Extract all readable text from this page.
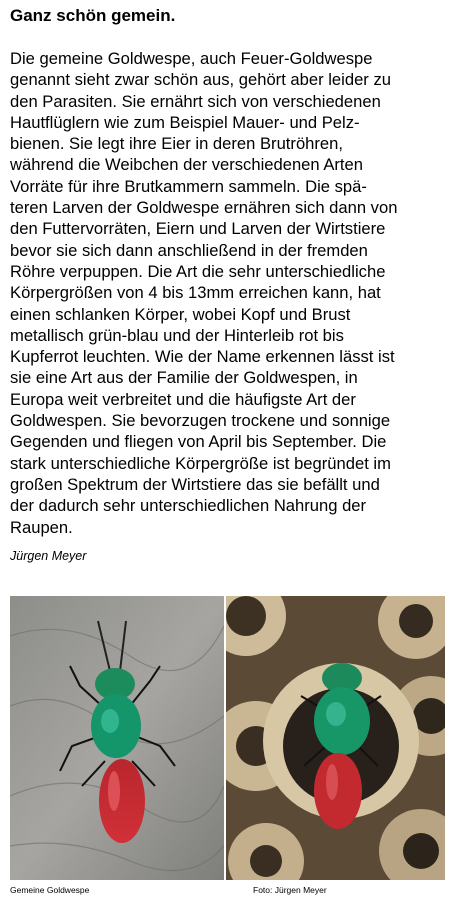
Ganz schön gemein.
Die gemeine Goldwespe, auch Feuer-Goldwespe
genannt sieht zwar schön aus, gehört aber leider zu
den Parasiten. Sie ernährt sich von verschiedenen
Hautflüglern wie zum Beispiel Mauer- und Pelz-
bienen. Sie legt ihre Eier in deren Brutröhren,
während die Weibchen der verschiedenen Arten
Vorräte für ihre Brutkammern sammeln. Die spä-
teren Larven der Goldwespe ernähren sich dann von
den Futtervorräten, Eiern und Larven der Wirtstiere
bevor sie sich dann anschließend in der fremden
Röhre verpuppen. Die Art die sehr unterschiedliche
Körpergrößen von 4 bis 13mm erreichen kann, hat
einen schlanken Körper, wobei Kopf und Brust
metallisch grün-blau und der Hinterleib rot bis
Kupferrot leuchten. Wie der Name erkennen lässt ist
sie eine Art aus der Familie der Goldwespen, in
Europa weit verbreitet und die häufigste Art der
Goldwespen. Sie bevorzugen trockene und sonnige
Gegenden und fliegen von April bis September. Die
stark unterschiedliche Körpergröße ist begründet im
großen Spektrum der Wirtstiere das sie befällt und
der dadurch sehr unterschiedlichen Nahrung der
Raupen.
Jürgen Meyer
Gemeine Goldwespe	Foto: Jürgen Meyer
